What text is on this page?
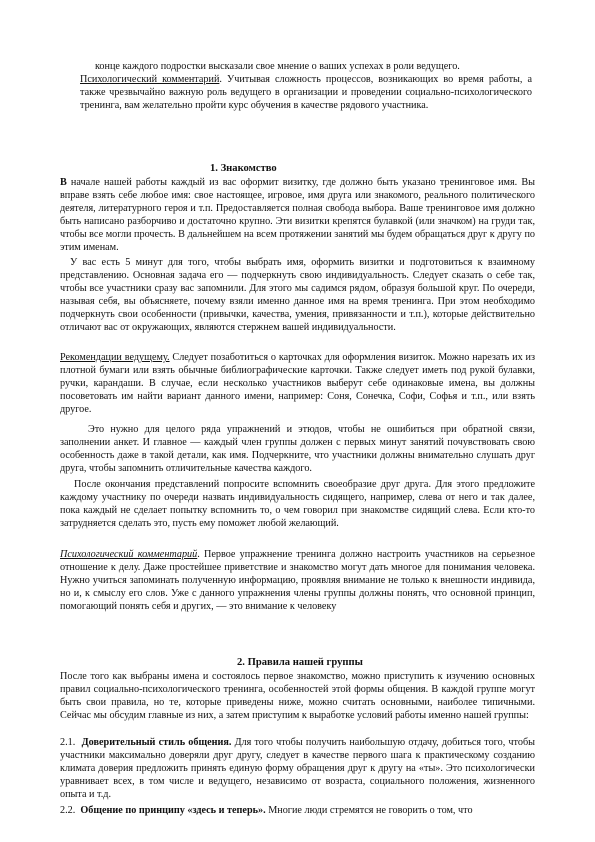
конце каждого подростки высказали свое мнение о ваших успехах в роли ведущего.

Психологический комментарий. Учитывая сложность процессов, возникающих во время работы, а также чрезвычайно важную роль ведущего в организации и проведении социально-психологического тренинга, вам желательно пройти курс обучения в качестве рядового участника.

1. Знакомство

В начале нашей работы каждый из вас оформит визитку, где должно быть указано тренинговое имя. Вы вправе взять себе любое имя: свое настоящее, игровое, имя друга или знакомого, реального политического деятеля, литературного героя и т.п. Предоставляется полная свобода выбора. Ваше тренинговое имя должно быть написано разборчиво и достаточно крупно. Эти визитки крепятся булавкой (или значком) на груди так, чтобы все могли прочесть. В дальнейшем на всем протяжении занятий мы будем обращаться друг к другу по этим именам.

У вас есть 5 минут для того, чтобы выбрать имя, оформить визитки и подготовиться к взаимному представлению. Основная задача его — подчеркнуть свою индивидуальность. Следует сказать о себе так, чтобы все участники сразу вас запомнили. Для этого мы садимся рядом, образуя большой круг. По очереди, называя себя, вы объясняете, почему взяли именно данное имя на время тренинга. При этом необходимо подчеркнуть свои особенности (привычки, качества, умения, привязанности и т.п.), которые действительно отличают вас от окружающих, являются стержнем вашей индивидуальности.

Рекомендации ведущему. Следует позаботиться о карточках для оформления визиток. Можно нарезать их из плотной бумаги или взять обычные библиографические карточки. Также следует иметь под рукой булавки, ручки, карандаши. В случае, если несколько участников выберут себе одинаковые имена, вы должны посоветовать им найти вариант данного имени, например: Соня, Сонечка, Софи, Софья и т.п., или взять другое.

Это нужно для целого ряда упражнений и этюдов, чтобы не ошибиться при обратной связи, заполнении анкет. И главное — каждый член группы должен с первых минут занятий почувствовать свою особенность даже в такой детали, как имя. Подчеркните, что участники должны внимательно слушать друг друга, чтобы запомнить отличительные качества каждого.

После окончания представлений попросите вспомнить своеобразие друг друга. Для этого предложите каждому участнику по очереди назвать индивидуальность сидящего, например, слева от него и так далее, пока каждый не сделает попытку вспомнить то, о чем говорил при знакомстве сидящий слева. Если кто-то затрудняется сделать это, пусть ему поможет любой желающий.

Психологический комментарий. Первое упражнение тренинга должно настроить участников на серьезное отношение к делу. Даже простейшее приветствие и знакомство могут дать многое для понимания человека. Нужно учиться запоминать полученную информацию, проявляя внимание не только к внешности индивида, но и, к смыслу его слов. Уже с данного упражнения члены группы должны понять, что основной принцип, помогающий понять себя и других, — это внимание к человеку

2. Правила нашей группы

После того как выбраны имена и состоялось первое знакомство, можно приступить к изучению основных правил социально-психологического тренинга, особенностей этой формы общения. В каждой группе могут быть свои правила, но те, которые приведены ниже, можно считать основными, наиболее типичными. Сейчас мы обсудим главные из них, а затем приступим к выработке условий работы именно нашей группы:

2.1. Доверительный стиль общения. Для того чтобы получить наибольшую отдачу, добиться того, чтобы участники максимально доверяли друг другу, следует в качестве первого шага к практическому созданию климата доверия предложить принять единую форму обращения друг к другу на «ты». Это психологически уравнивает всех, в том числе и ведущего, независимо от возраста, социального положения, жизненного опыта и т.д.

2.2. Общение по принципу «здесь и теперь». Многие люди стремятся не говорить о том, что
